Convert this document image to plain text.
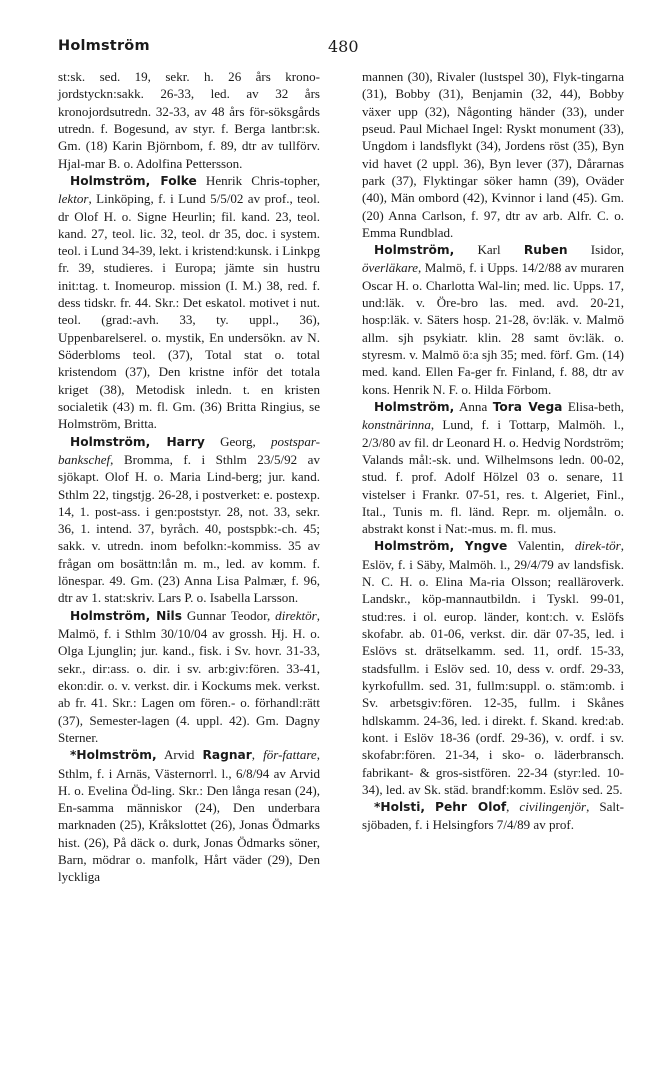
Holmström	480

st:sk. sed. 19, sekr. h. 26 års krono-jordstyckn:sakk. 26-33, led. av 32 års kronojordsutredn. 32-33, av 48 års för-söksgårds utredn. f. Bogesund, av styr. f. Berga lantbr:sk. Gm. (18) Karin Björnbom, f. 89, dtr av tullförv. Hjal-mar B. o. Adolfina Pettersson.

Holmström, Folke Henrik Chris-topher, lektor, Linköping, f. i Lund 5/5/02 av prof., teol. dr Olof H. o. Signe Heurlin; fil. kand. 23, teol. kand. 27, teol. lic. 32, teol. dr 35, doc. i system. teol. i Lund 34-39, lekt. i kristend:kunsk. i Linkpg fr. 39, studieres. i Europa; jämte sin hustru init:tag. t. Inomeurop. mission (I. M.) 38, red. f. dess tidskr. fr. 44. Skr.: Det eskatol. motivet i nut. teol. (grad:-avh. 33, ty. uppl., 36), Uppenbarelserel. o. mystik, En undersökn. av N. Söderbloms teol. (37), Total stat o. total kristendom (37), Den kristne inför det totala kriget (38), Metodisk inledn. t. en kristen socialetik (43) m. fl. Gm. (36) Britta Ringius, se Holmström, Britta.

Holmström, Harry Georg, postspar-bankschef, Bromma, f. i Sthlm 23/5/92 av sjökapt. Olof H. o. Maria Lind-berg; jur. kand. Sthlm 22, tingstjg. 26-28, i postverket: e. postexp. 14, 1. post-ass. i gen:poststyr. 28, not. 33, sekr. 36, 1. intend. 37, byråch. 40, postspbk:-ch. 45; sakk. v. utredn. inom befolkn:-kommiss. 35 av frågan om bosättn:lån m. m., led. av komm. f. lönespar. 49. Gm. (23) Anna Lisa Palmær, f. 96, dtr av 1. stat:skriv. Lars P. o. Isabella Larsson.

Holmström, Nils Gunnar Teodor, direktör, Malmö, f. i Sthlm 30/10/04 av grossh. Hj. H. o. Olga Ljunglin; jur. kand., fisk. i Sv. hovr. 31-33, sekr., dir:ass. o. dir. i sv. arb:giv:fören. 33-41, ekon:dir. o. v. verkst. dir. i Kockums mek. verkst. ab fr. 41. Skr.: Lagen om fören.- o. förhandl:rätt (37), Semester-lagen (4. uppl. 42). Gm. Dagny Sterner.

*Holmström, Arvid Ragnar, för-fattare, Sthlm, f. i Arnäs, Västernorrl. l., 6/8/94 av Arvid H. o. Evelina Öd-ling. Skr.: Den långa resan (24), En-samma människor (24), Den underbara marknaden (25), Kråkslottet (26), Jonas Ödmarks hist. (26), På däck o. durk, Jonas Ödmarks söner, Barn, mödrar o. manfolk, Hårt väder (29), Den lyckliga

mannen (30), Rivaler (lustspel 30), Flyk-tingarna (31), Bobby (31), Benjamin (32, 44), Bobby växer upp (32), Någonting händer (33), under pseud. Paul Michael Ingel: Ryskt monument (33), Ungdom i landsflykt (34), Jordens röst (35), Byn vid havet (2 uppl. 36), Byn lever (37), Dårarnas park (37), Flyktingar söker hamn (39), Oväder (40), Män ombord (42), Kvinnor i land (45). Gm. (20) Anna Carlson, f. 97, dtr av arb. Alfr. C. o. Emma Rundblad.

Holmström, Karl Ruben Isidor, överläkare, Malmö, f. i Upps. 14/2/88 av muraren Oscar H. o. Charlotta Wal-lin; med. lic. Upps. 17, und:läk. v. Öre-bro las. med. avd. 20-21, hosp:läk. v. Säters hosp. 21-28, öv:läk. v. Malmö allm. sjh psykiatr. klin. 28 samt öv:läk. o. styresm. v. Malmö ö:a sjh 35; med. förf. Gm. (14) med. kand. Ellen Fa-ger fr. Finland, f. 88, dtr av kons. Henrik N. F. o. Hilda Förbom.

Holmström, Anna Tora Vega Elisa-beth, konstnärinna, Lund, f. i Tottarp, Malmöh. l., 2/3/80 av fil. dr Leonard H. o. Hedvig Nordström; Valands mål:-sk. und. Wilhelmsons ledn. 00-02, stud. f. prof. Adolf Hölzel 03 o. senare, 11 vistelser i Frankr. 07-51, res. t. Algeriet, Finl., Ital., Tunis m. fl. länd. Repr. m. oljemåln. o. abstrakt konst i Nat:-mus. m. fl. mus.

Holmström, Yngve Valentin, direk-tör, Eslöv, f. i Säby, Malmöh. l., 29/4/79 av landsfisk. N. C. H. o. Elina Ma-ria Olsson; realläroverk. Landskr., köp-mannautbildn. i Tyskl. 99-01, stud:res. i ol. europ. länder, kont:ch. v. Eslöfs skofabr. ab. 01-06, verkst. dir. där 07-35, led. i Eslövs st. drätselkamm. sed. 11, ordf. 15-33, stadsfullm. i Eslöv sed. 10, dess v. ordf. 29-33, kyrkofullm. sed. 31, fullm:suppl. o. stäm:omb. i Sv. arbetsgiv:fören. 12-35, fullm. i Skånes hdlskamm. 24-36, led. i direkt. f. Skand. kred:ab. kont. i Eslöv 18-36 (ordf. 29-36), v. ordf. i sv. skofabr:fören. 21-34, i sko- o. läderbransch. fabrikant- & gros-sistfören. 22-34 (styr:led. 10-34), led. av Sk. städ. brandf:komm. Eslöv sed. 25.

*Holsti, Pehr Olof, civilingenjör, Salt-sjöbaden, f. i Helsingfors 7/4/89 av prof.
